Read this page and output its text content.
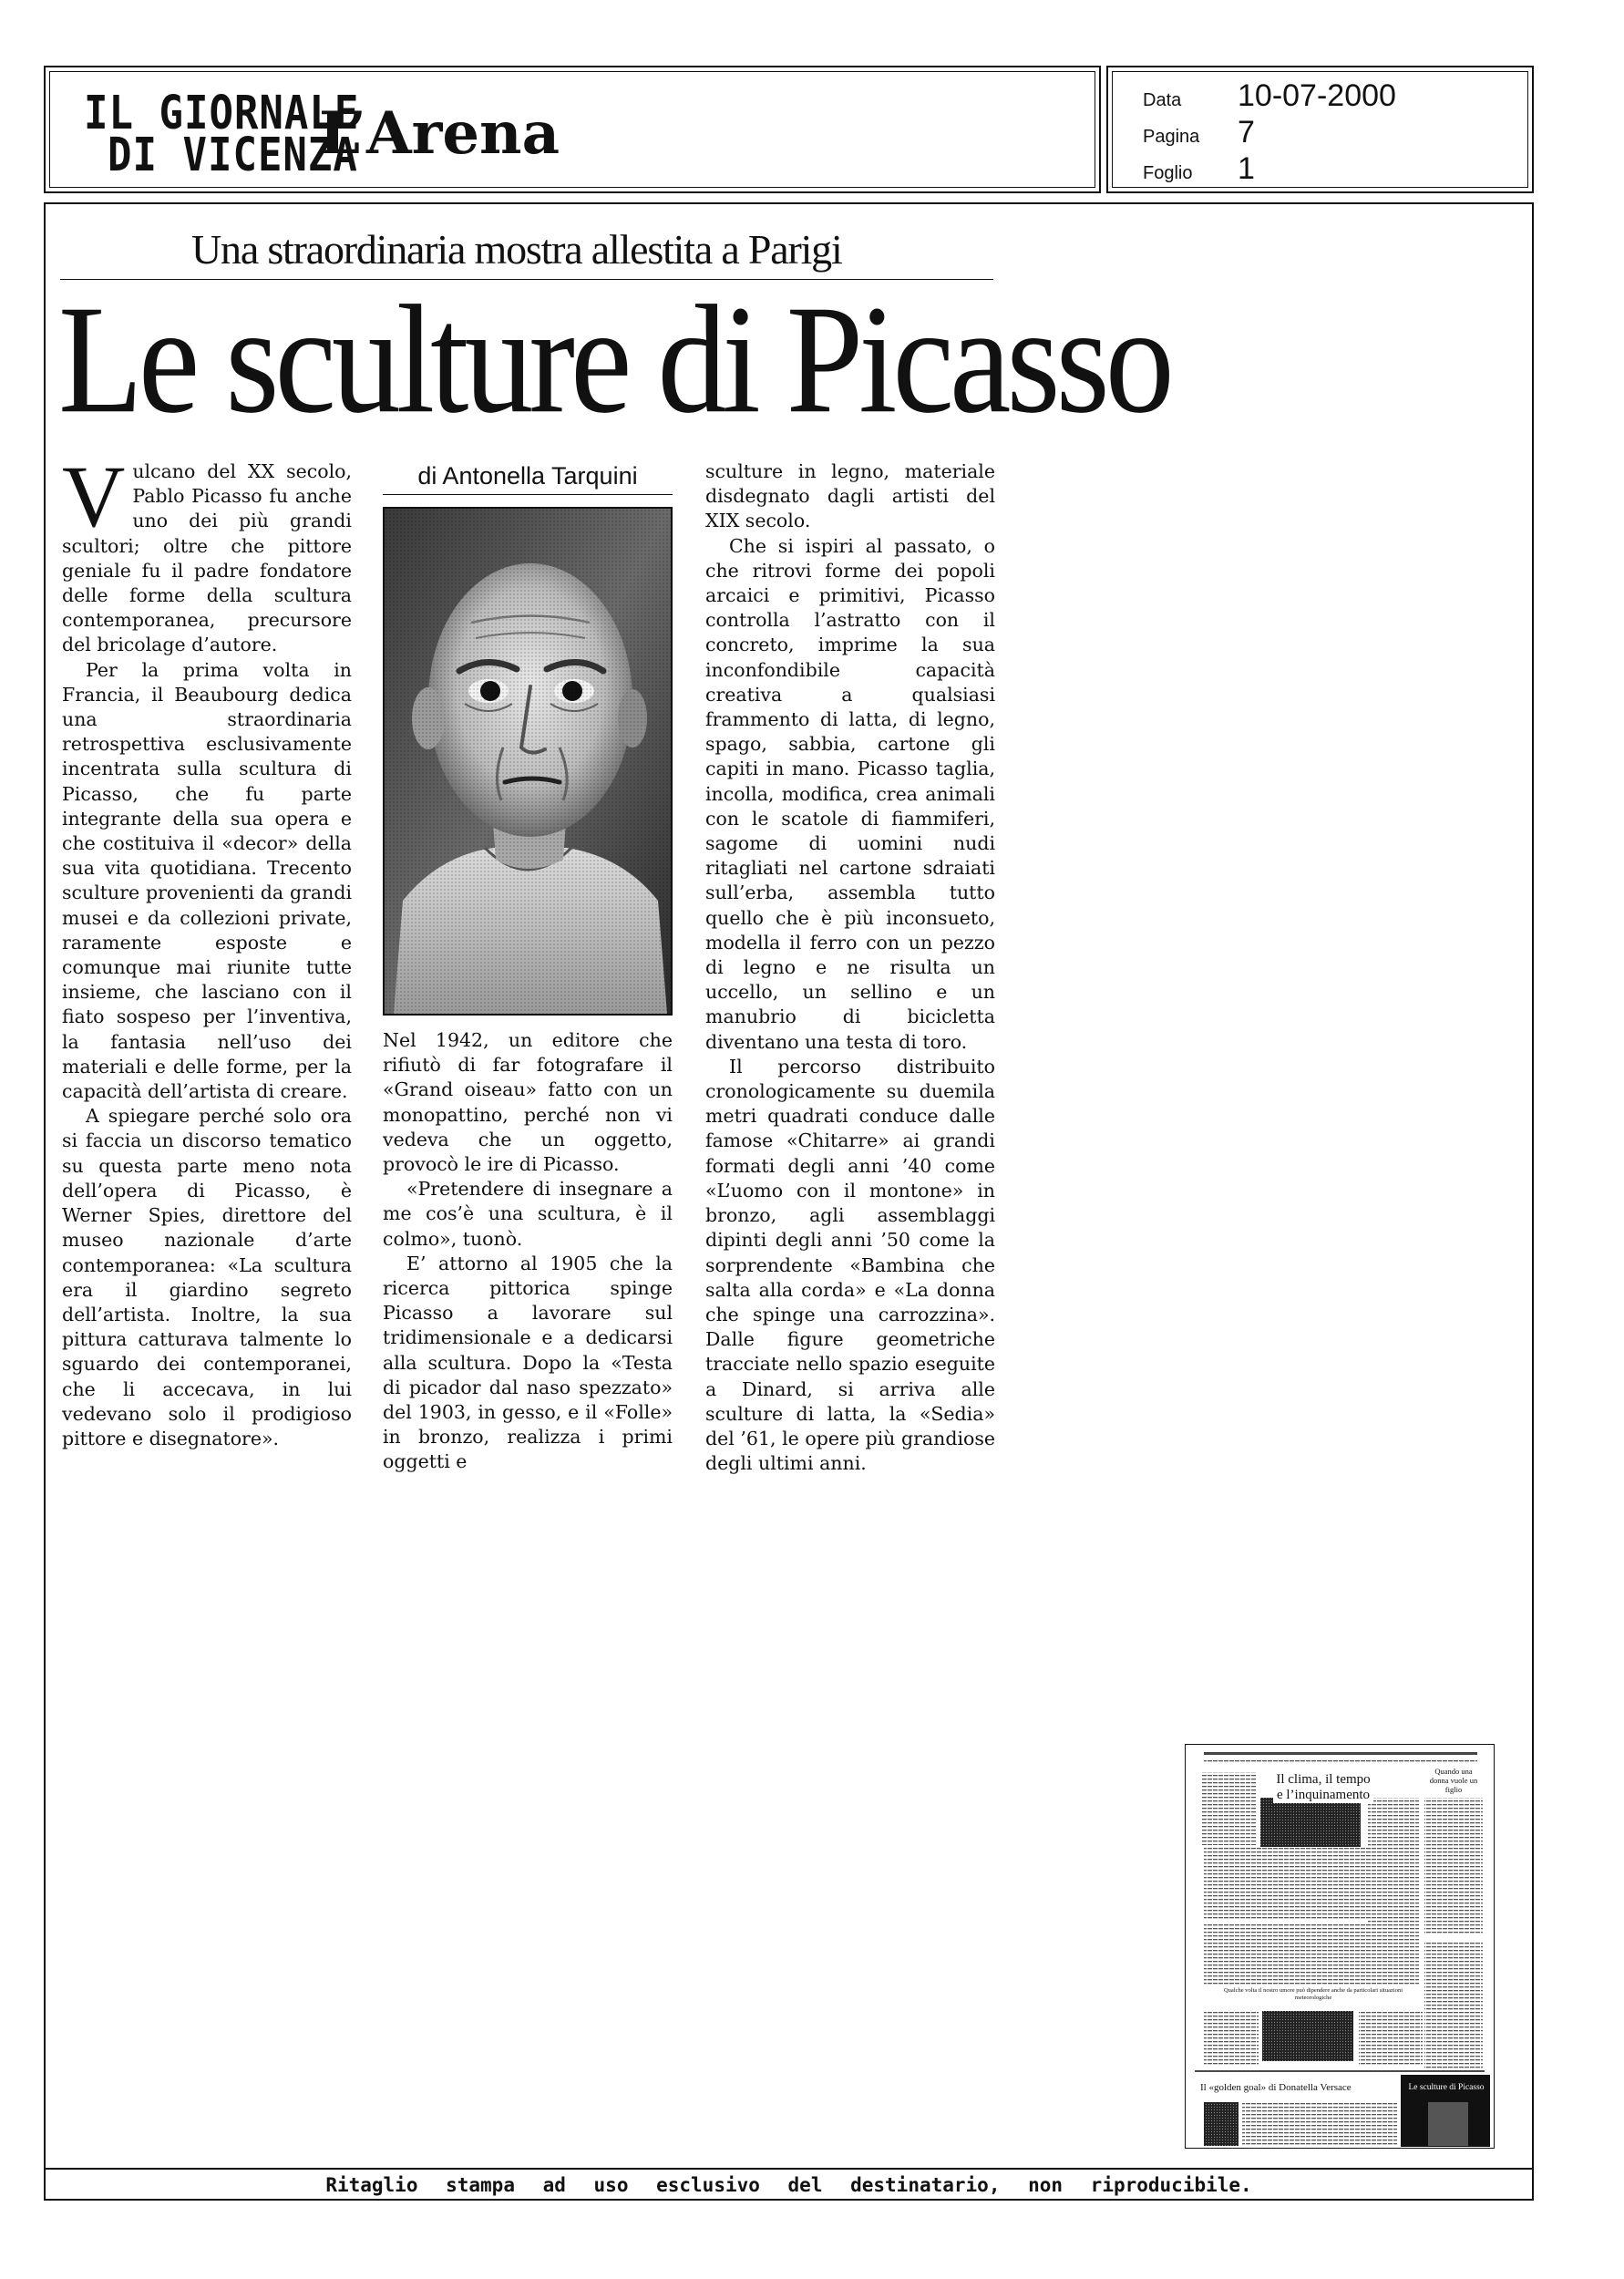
IL GIORNALE
DI VICENZA
L’Arena	Data 10-07-2000
Pagina 7
Foglio 1
Una straordinaria mostra allestita a Parigi
Le sculture di Picasso

Vulcano del XX secolo, Pablo Picasso fu anche uno dei più grandi scultori; oltre che pittore geniale fu il padre fondatore delle forme della scultura contemporanea, precursore del bricolage d’autore.

Per la prima volta in Francia, il Beaubourg dedica una straordinaria retrospettiva esclusivamente incentrata sulla scultura di Picasso, che fu parte integrante della sua opera e che costituiva il «decor» della sua vita quotidiana. Trecento sculture provenienti da grandi musei e da collezioni private, raramente esposte e comunque mai riunite tutte insieme, che lasciano con il fiato sospeso per l’inventiva, la fantasia nell’uso dei materiali e delle forme, per la capacità dell’artista di creare.

A spiegare perché solo ora si faccia un discorso tematico su questa parte meno nota dell’opera di Picasso, è Werner Spies, direttore del museo nazionale d’arte contemporanea: «La scultura era il giardino segreto dell’artista. Inoltre, la sua pittura catturava talmente lo sguardo dei contemporanei, che li accecava, in lui vedevano solo il prodigioso pittore e disegnatore».

di Antonella Tarquini

Nel 1942, un editore che rifiutò di far fotografare il «Grand oiseau» fatto con un monopattino, perché non vi vedeva che un oggetto, provocò le ire di Picasso.

«Pretendere di insegnare a me cos’è una scultura, è il colmo», tuonò.

E’ attorno al 1905 che la ricerca pittorica spinge Picasso a lavorare sul tridimensionale e a dedicarsi alla scultura. Dopo la «Testa di picador dal naso spezzato» del 1903, in gesso, e il «Folle» in bronzo, realizza i primi oggetti e

sculture in legno, materiale disdegnato dagli artisti del XIX secolo.

Che si ispiri al passato, o che ritrovi forme dei popoli arcaici e primitivi, Picasso controlla l’astratto con il concreto, imprime la sua inconfondibile capacità creativa a qualsiasi frammento di latta, di legno, spago, sabbia, cartone gli capiti in mano. Picasso taglia, incolla, modifica, crea animali con le scatole di fiammiferi, sagome di uomini nudi ritagliati nel cartone sdraiati sull’erba, assembla tutto quello che è più inconsueto, modella il ferro con un pezzo di legno e ne risulta un uccello, un sellino e un manubrio di bicicletta diventano una testa di toro.

Il percorso distribuito cronologicamente su duemila metri quadrati conduce dalle famose «Chitarre» ai grandi formati degli anni ’40 come «L’uomo con il montone» in bronzo, agli assemblaggi dipinti degli anni ’50 come la sorprendente «Bambina che salta alla corda» e «La donna che spinge una carrozzina». Dalle figure geometriche tracciate nello spazio eseguite a Dinard, si arriva alle sculture di latta, la «Sedia» del ’61, le opere più grandiose degli ultimi anni.

Il clima, il tempo e l’inquinamento
Quando una donna vuole un figlio
Qualche volta il nostro umore può dipendere anche da particolari situazioni meteorologiche
Il «golden goal» di Donatella Versace	Le sculture di Picasso
Ritaglio stampa ad uso esclusivo del destinatario, non riproducibile.
